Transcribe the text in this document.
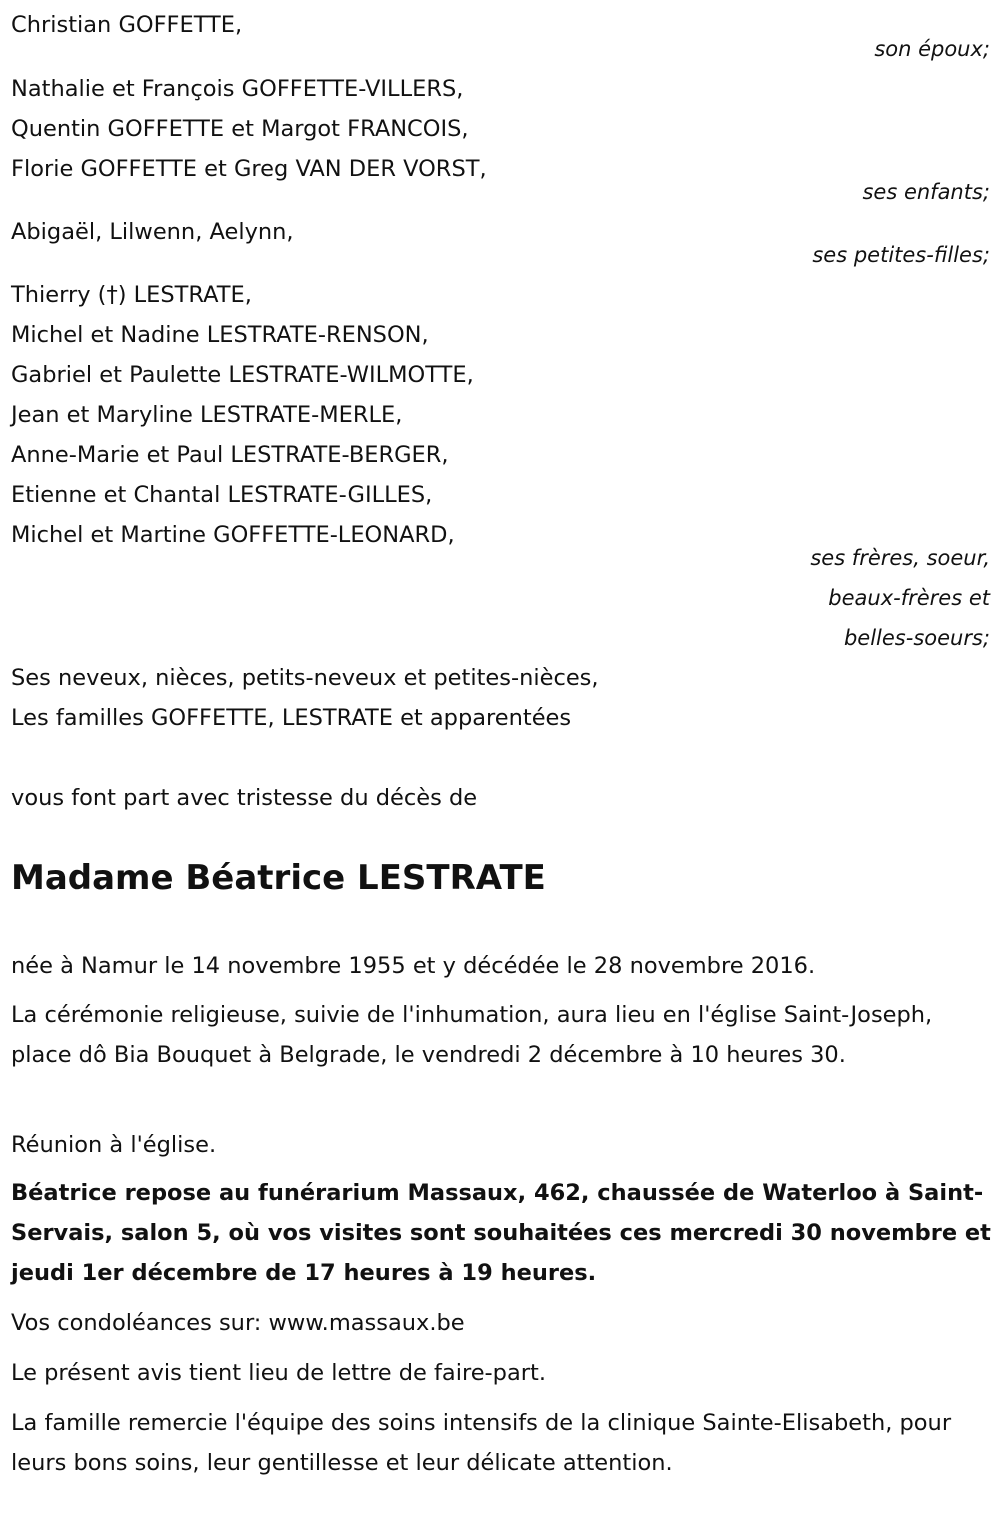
Christian GOFFETTE,
son époux;
Nathalie et François GOFFETTE-VILLERS,
Quentin GOFFETTE et Margot FRANCOIS,
Florie GOFFETTE et Greg VAN DER VORST,
ses enfants;
Abigaël, Lilwenn, Aelynn,
ses petites-filles;
Thierry (†) LESTRATE,
Michel et Nadine LESTRATE-RENSON,
Gabriel et Paulette LESTRATE-WILMOTTE,
Jean et Maryline LESTRATE-MERLE,
Anne-Marie et Paul LESTRATE-BERGER,
Etienne et Chantal LESTRATE-GILLES,
Michel et Martine GOFFETTE-LEONARD,
ses frères, soeur,
beaux-frères et
belles-soeurs;
Ses neveux, nièces, petits-neveux et petites-nièces,
Les familles GOFFETTE, LESTRATE et apparentées
vous font part avec tristesse du décès de
Madame Béatrice LESTRATE
née à Namur le 14 novembre 1955 et y décédée le 28 novembre 2016.
La cérémonie religieuse, suivie de l'inhumation, aura lieu en l'église Saint-Joseph, place dô Bia Bouquet à Belgrade, le vendredi 2 décembre à 10 heures 30.
Réunion à l'église.
Béatrice repose au funérarium Massaux, 462, chaussée de Waterloo à Saint-Servais, salon 5, où vos visites sont souhaitées ces mercredi 30 novembre et jeudi 1er décembre de 17 heures à 19 heures.
Vos condoléances sur: www.massaux.be
Le présent avis tient lieu de lettre de faire-part.
La famille remercie l'équipe des soins intensifs de la clinique Sainte-Elisabeth, pour leurs bons soins, leur gentillesse et leur délicate attention.
